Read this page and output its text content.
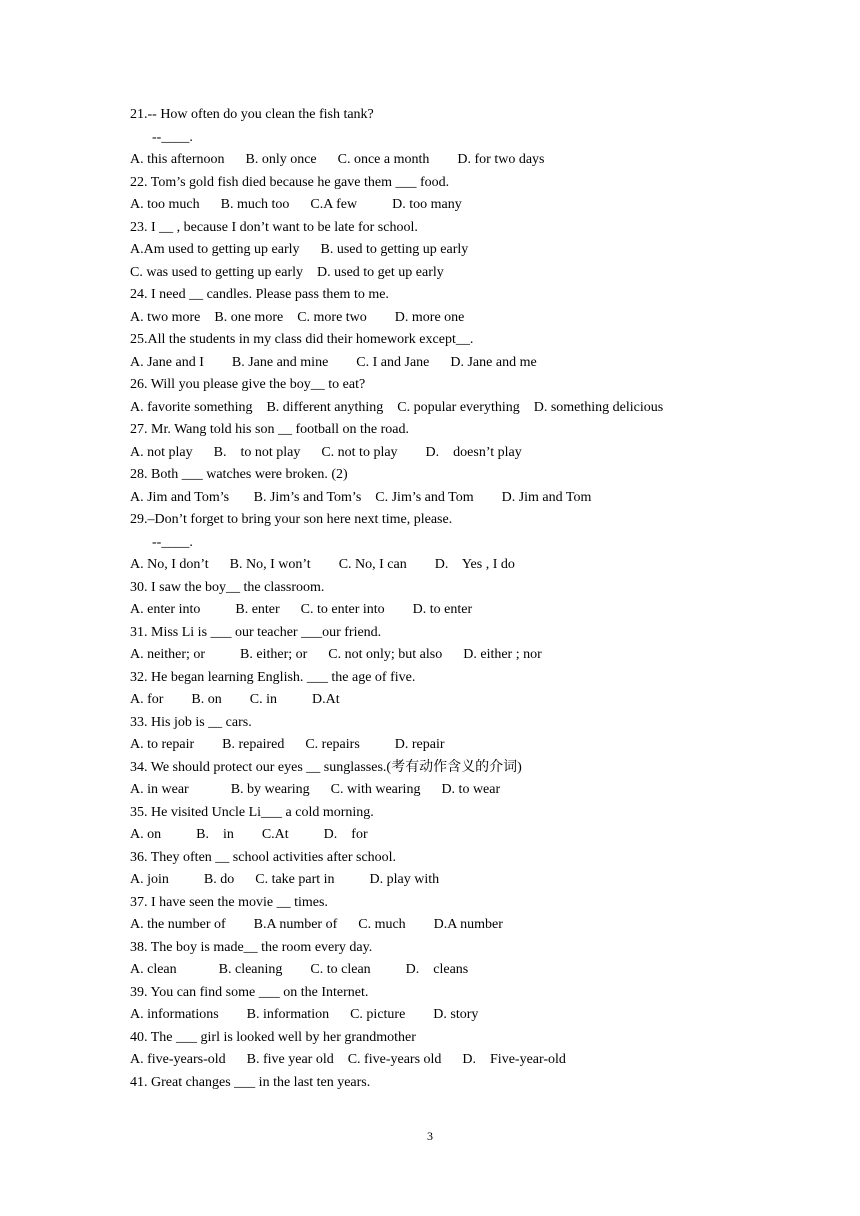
21.-- How often do you clean the fish tank?
--____.
A. this afternoon      B. only once      C. once a month        D. for two days
22. Tom’s gold fish died because he gave them ___ food.
A. too much      B. much too      C.A few          D. too many
23. I __ , because I don’t want to be late for school.
A.Am used to getting up early      B. used to getting up early
C. was used to getting up early    D. used to get up early
24. I need __ candles. Please pass them to me.
A. two more    B. one more    C. more two        D. more one
25.All the students in my class did their homework except__.
A. Jane and I        B. Jane and mine        C. I and Jane      D. Jane and me
26. Will you please give the boy__ to eat?
A. favorite something    B. different anything    C. popular everything    D. something delicious
27. Mr. Wang told his son __ football on the road.
A. not play      B.    to not play      C. not to play        D.    doesn’t play
28. Both ___ watches were broken. (2)
A. Jim and Tom’s       B. Jim’s and Tom’s    C. Jim’s and Tom        D. Jim and Tom
29.–Don’t forget to bring your son here next time, please.
--____.
A. No, I don’t      B. No, I won’t        C. No, I can        D.    Yes , I do
30. I saw the boy__ the classroom.
A. enter into          B. enter      C. to enter into        D. to enter
31. Miss Li is ___ our teacher ___our friend.
A. neither; or          B. either; or      C. not only; but also      D. either ; nor
32. He began learning English. ___ the age of five.
A. for        B. on        C. in          D.At
33. His job is __ cars.
A. to repair        B. repaired      C. repairs          D. repair
34. We should protect our eyes __ sunglasses.(考有动作含义的介词)
A. in wear            B. by wearing      C. with wearing      D. to wear
35. He visited Uncle Li___ a cold morning.
A. on          B.    in        C.At          D.    for
36. They often __ school activities after school.
A. join          B. do      C. take part in          D. play with
37. I have seen the movie __ times.
A. the number of        B.A number of      C. much        D.A number
38. The boy is made__ the room every day.
A. clean            B. cleaning        C. to clean          D.    cleans
39. You can find some ___ on the Internet.
A. informations        B. information      C. picture        D. story
40. The ___ girl is looked well by her grandmother
A. five-years-old      B. five year old    C. five-years old      D.    Five-year-old
41. Great changes ___ in the last ten years.
3
